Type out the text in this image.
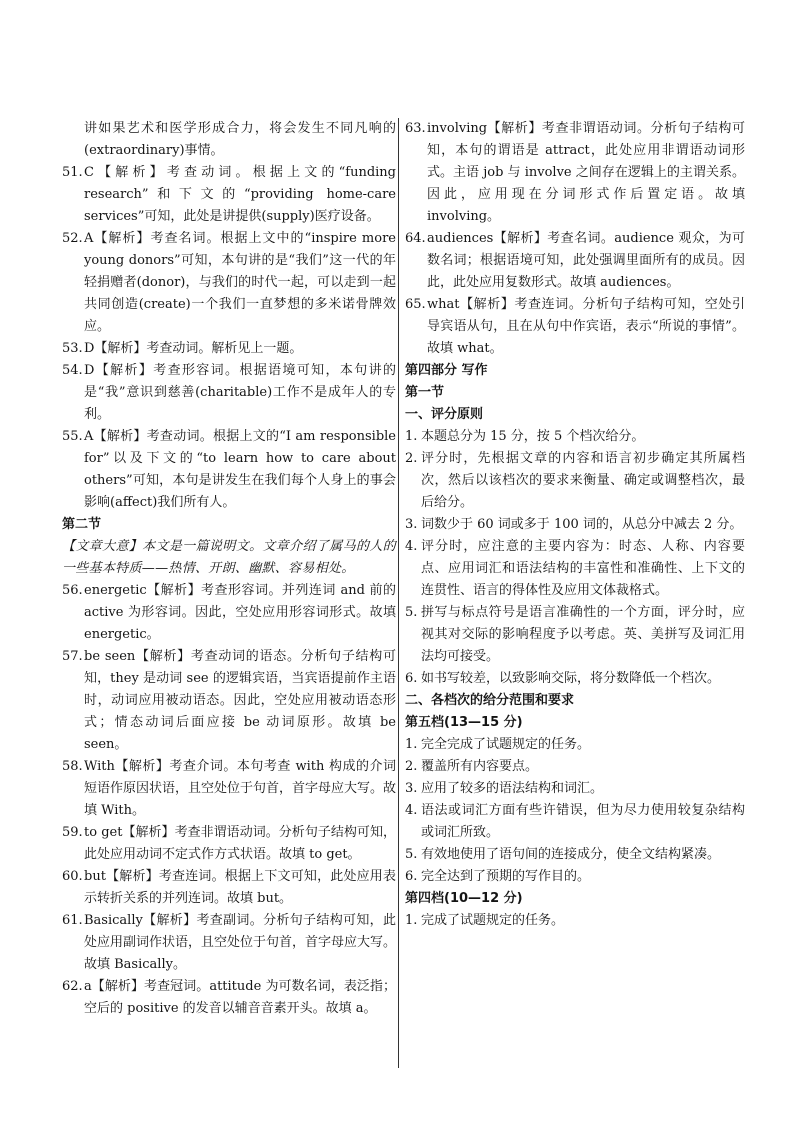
讲如果艺术和医学形成合力，将会发生不同凡响的(extraordinary)事情。

51. C【解析】考查动词。根据上文的“funding research”和下文的“providing home-care services”可知，此处是讲提供(supply)医疗设备。
52. A【解析】考查名词。根据上文中的“inspire more young donors”可知，本句讲的是“我们”这一代的年轻捐赠者(donor)，与我们的时代一起，可以走到一起共同创造(create)一个我们一直梦想的多米诺骨牌效应。
53. D【解析】考查动词。解析见上一题。
54. D【解析】考查形容词。根据语境可知，本句讲的是“我”意识到慈善(charitable)工作不是成年人的专利。
55. A【解析】考查动词。根据上文的“I am responsible for”以及下文的“to learn how to care about others”可知，本句是讲发生在我们每个人身上的事会影响(affect)我们所有人。

第二节

【文章大意】本文是一篇说明文。文章介绍了属马的人的一些基本特质——热情、开朗、幽默、容易相处。

56. energetic【解析】考查形容词。并列连词 and 前的 active 为形容词。因此，空处应用形容词形式。故填 energetic。
57. be seen【解析】考查动词的语态。分析句子结构可知，they 是动词 see 的逻辑宾语，当宾语提前作主语时，动词应用被动语态。因此，空处应用被动语态形式；情态动词后面应接 be 动词原形。故填 be seen。
58. With【解析】考查介词。本句考查 with 构成的介词短语作原因状语，且空处位于句首，首字母应大写。故填 With。
59. to get【解析】考查非谓语动词。分析句子结构可知，此处应用动词不定式作方式状语。故填 to get。
60. but【解析】考查连词。根据上下文可知，此处应用表示转折关系的并列连词。故填 but。
61. Basically【解析】考查副词。分析句子结构可知，此处应用副词作状语，且空处位于句首，首字母应大写。故填 Basically。
62. a【解析】考查冠词。attitude 为可数名词，表泛指；空后的 positive 的发音以辅音音素开头。故填 a。
63. involving【解析】考查非谓语动词。分析句子结构可知，本句的谓语是 attract，此处应用非谓语动词形式。主语 job 与 involve 之间存在逻辑上的主谓关系。因此，应用现在分词形式作后置定语。故填 involving。
64. audiences【解析】考查名词。audience 观众，为可数名词；根据语境可知，此处强调里面所有的成员。因此，此处应用复数形式。故填 audiences。
65. what【解析】考查连词。分析句子结构可知，空处引导宾语从句，且在从句中作宾语，表示“所说的事情”。故填 what。

第四部分 写作

第一节

一、评分原则

1. 本题总分为 15 分，按 5 个档次给分。
2. 评分时，先根据文章的内容和语言初步确定其所属档次，然后以该档次的要求来衡量、确定或调整档次，最后给分。
3. 词数少于 60 词或多于 100 词的，从总分中减去 2 分。
4. 评分时，应注意的主要内容为：时态、人称、内容要点、应用词汇和语法结构的丰富性和准确性、上下文的连贯性、语言的得体性及应用文体裁格式。
5. 拼写与标点符号是语言准确性的一个方面，评分时，应视其对交际的影响程度予以考虑。英、美拼写及词汇用法均可接受。
6. 如书写较差，以致影响交际，将分数降低一个档次。

二、各档次的给分范围和要求

第五档(13—15 分)

1. 完全完成了试题规定的任务。
2. 覆盖所有内容要点。
3. 应用了较多的语法结构和词汇。
4. 语法或词汇方面有些许错误，但为尽力使用较复杂结构或词汇所致。
5. 有效地使用了语句间的连接成分，使全文结构紧凑。
6. 完全达到了预期的写作目的。

第四档(10—12 分)

1. 完成了试题规定的任务。
